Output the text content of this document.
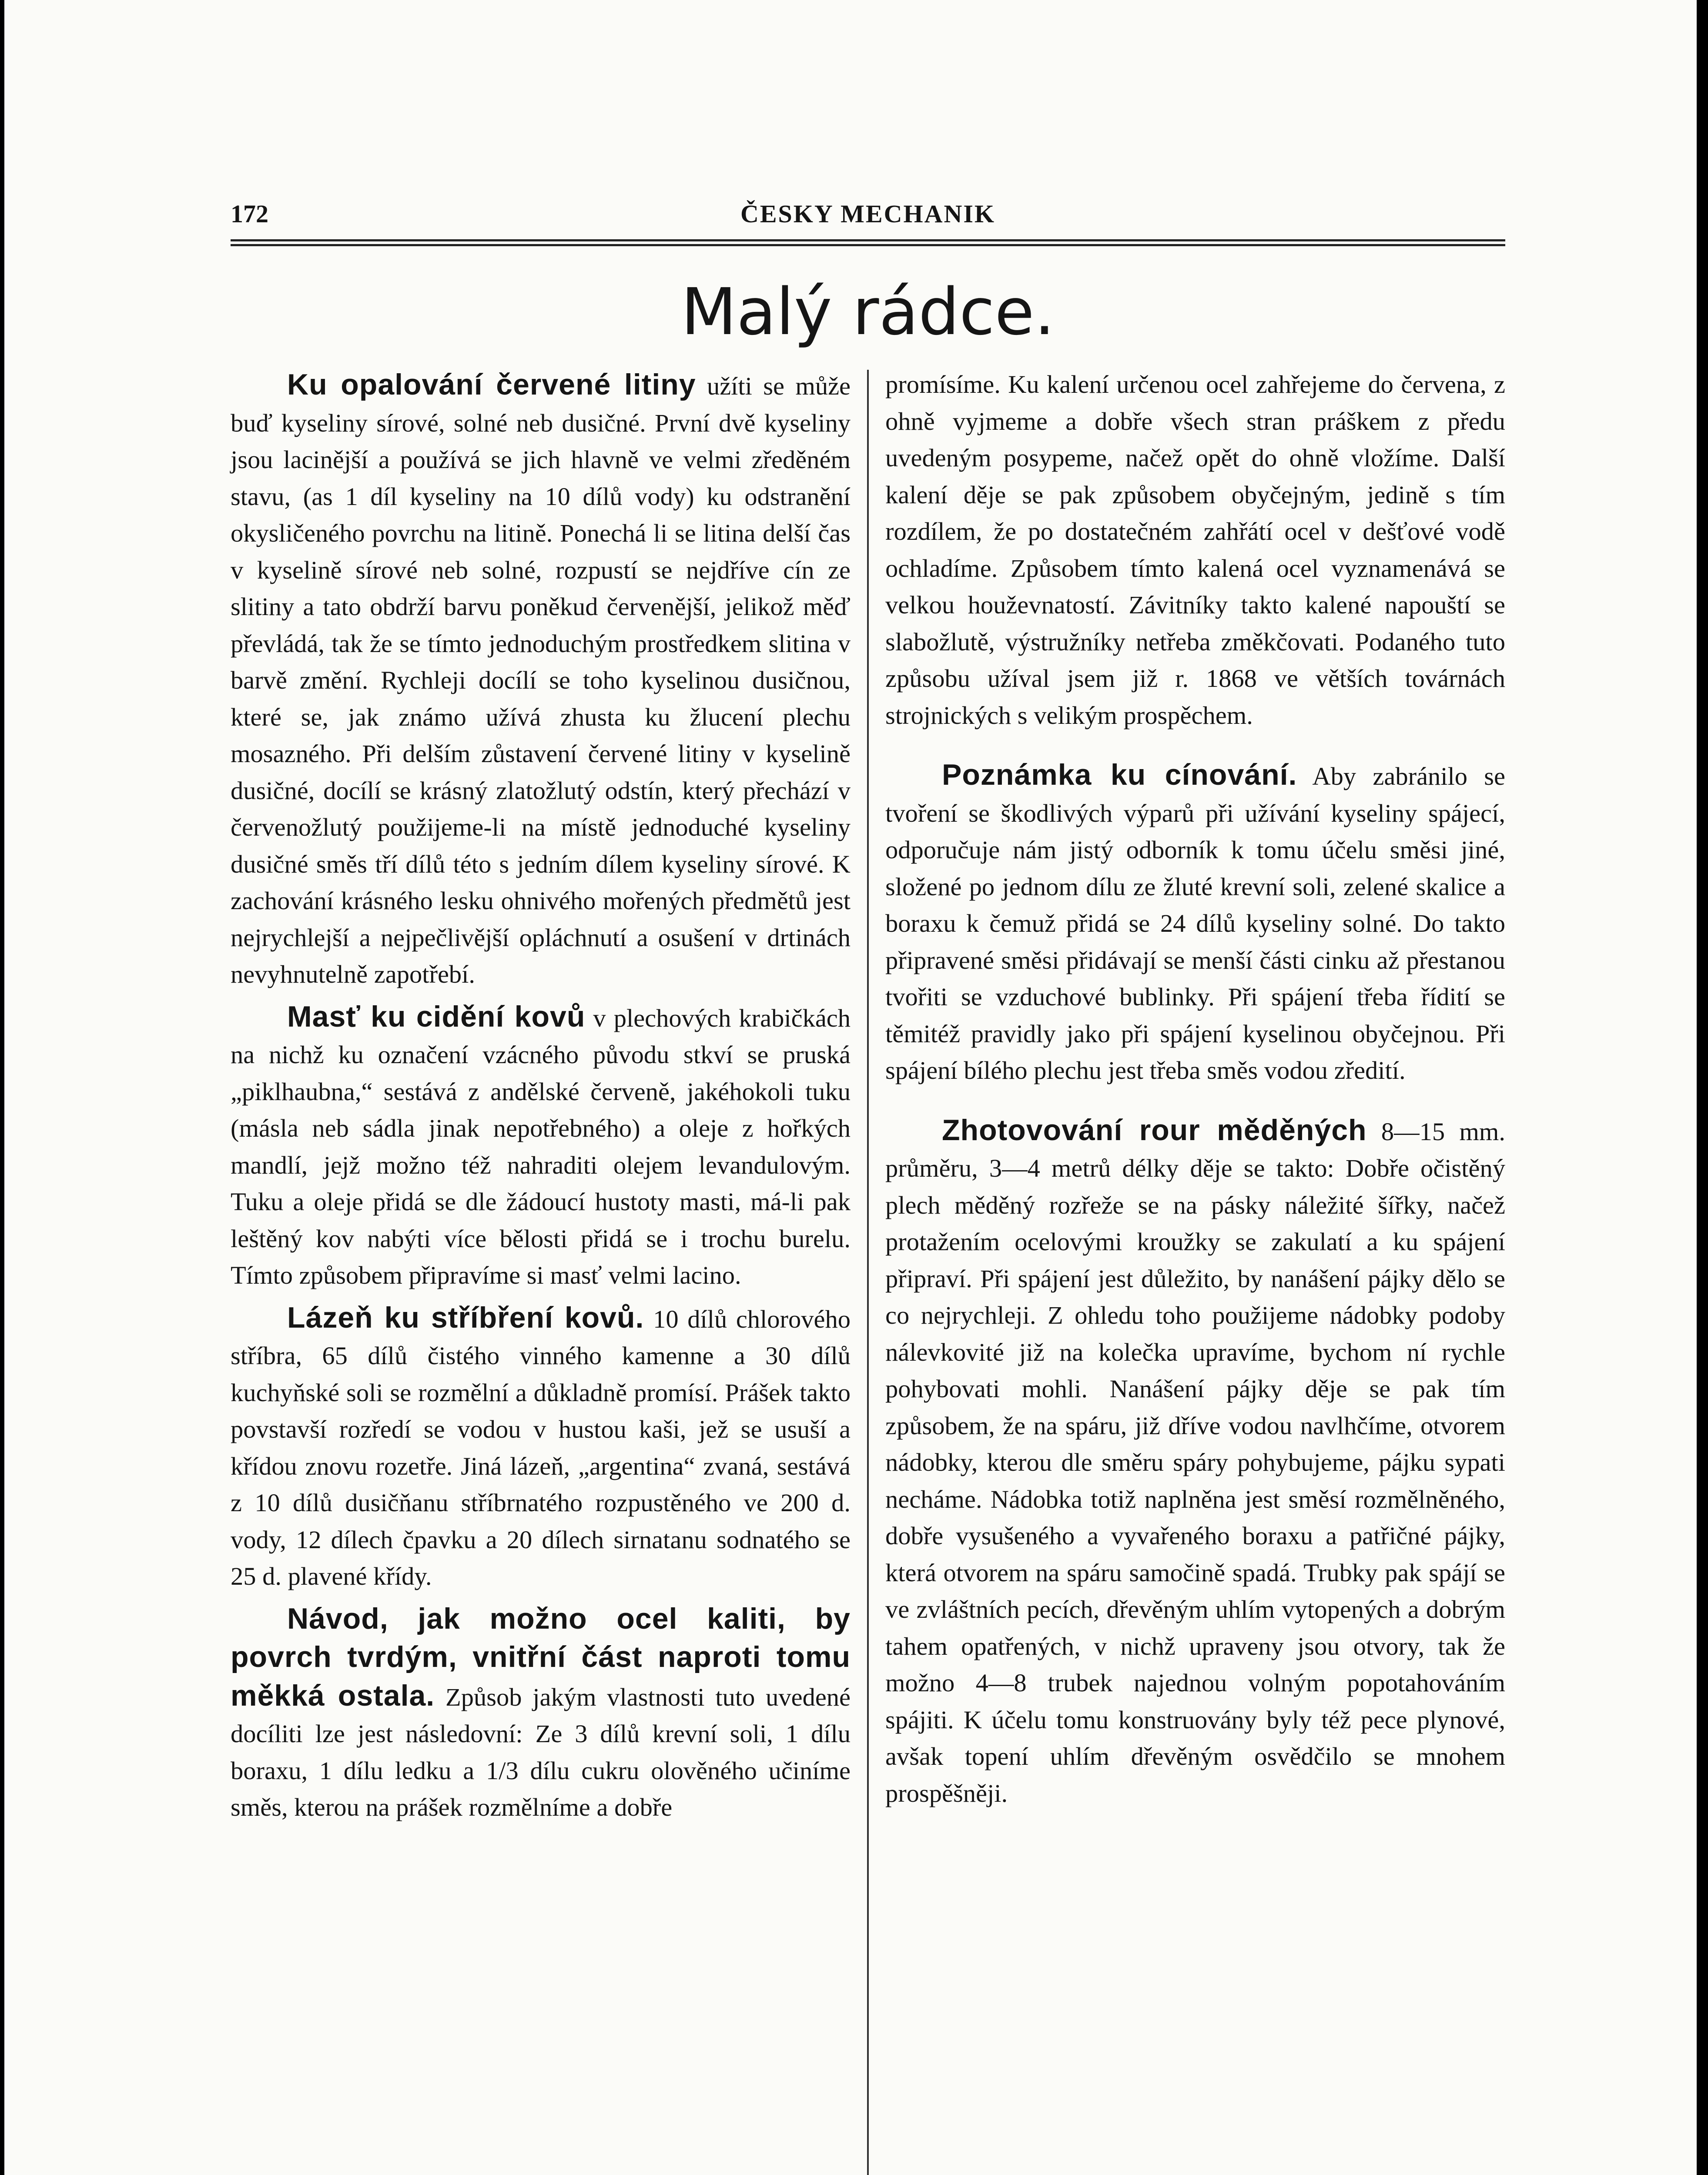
172	ČESKY MECHANIK
Malý rádce.

Ku opalování červené litiny užíti se může buď kyseliny sírové, solné neb dusičné. První dvě kyseliny jsou lacinější a používá se jich hlavně ve velmi zředěném stavu, (as 1 díl kyseliny na 10 dílů vody) ku odstranění okysličeného povrchu na litině. Ponechá li se litina delší čas v kyselině sírové neb solné, rozpustí se nejdříve cín ze slitiny a tato obdrží barvu poněkud červenější, jelikož měď převládá, tak že se tímto jednoduchým prostředkem slitina v barvě změní. Rychleji docílí se toho kyselinou dusičnou, které se, jak známo užívá zhusta ku žlucení plechu mosazného. Při delším zůstavení červené litiny v kyselině dusičné, docílí se krásný zlatožlutý odstín, který přechází v červenožlutý použijeme-li na místě jednoduché kyseliny dusičné směs tří dílů této s jedním dílem kyseliny sírové. K zachování krásného lesku ohnivého mořených předmětů jest nejrychlejší a nejpečlivější opláchnutí a osušení v drtinách nevyhnutelně zapotřebí.

Masť ku cidění kovů v plechových krabičkách na nichž ku označení vzácného původu stkví se pruská „piklhaubna,“ sestává z andělské červeně, jakéhokoli tuku (másla neb sádla jinak nepotřebného) a oleje z hořkých mandlí, jejž možno též nahraditi olejem levandulovým. Tuku a oleje přidá se dle žádoucí hustoty masti, má-li pak leštěný kov nabýti více bělosti přidá se i trochu burelu. Tímto způsobem připravíme si masť velmi lacino.

Lázeň ku stříbření kovů. 10 dílů chlorového stříbra, 65 dílů čistého vinného kamenne a 30 dílů kuchyňské soli se rozmělní a důkladně promísí. Prášek takto povstavší rozředí se vodou v hustou kaši, jež se usuší a křídou znovu rozetře. Jiná lázeň, „argentina“ zvaná, sestává z 10 dílů dusičňanu stříbrnatého rozpustěného ve 200 d. vody, 12 dílech čpavku a 20 dílech sirnatanu sodnatého se 25 d. plavené křídy.

Návod, jak možno ocel kaliti, by povrch tvrdým, vnitřní část naproti tomu měkká ostala. Způsob jakým vlastnosti tuto uvedené docíliti lze jest následovní: Ze 3 dílů krevní soli, 1 dílu boraxu, 1 dílu ledku a 1/3 dílu cukru olověného učiníme směs, kterou na prášek rozmělníme a dobře

promísíme. Ku kalení určenou ocel zahřejeme do červena, z ohně vyjmeme a dobře všech stran práškem z předu uvedeným posypeme, načež opět do ohně vložíme. Další kalení děje se pak způsobem obyčejným, jedině s tím rozdílem, že po dostatečném zahřátí ocel v dešťové vodě ochladíme. Způsobem tímto kalená ocel vyznamenává se velkou houževnatostí. Závitníky takto kalené napouští se slabožlutě, výstružníky netřeba změkčovati. Podaného tuto způsobu užíval jsem již r. 1868 ve větších továrnách strojnických s velikým prospěchem.

Poznámka ku cínování. Aby zabránilo se tvoření se škodlivých výparů při užívání kyseliny spájecí, odporučuje nám jistý odborník k tomu účelu směsi jiné, složené po jednom dílu ze žluté krevní soli, zelené skalice a boraxu k čemuž přidá se 24 dílů kyseliny solné. Do takto připravené směsi přidávají se menší části cinku až přestanou tvořiti se vzduchové bublinky. Při spájení třeba řídití se těmitéž pravidly jako při spájení kyselinou obyčejnou. Při spájení bílého plechu jest třeba směs vodou zředití.

Zhotovování rour měděných 8—15 mm. průměru, 3—4 metrů délky děje se takto: Dobře očistěný plech měděný rozřeže se na pásky náležité šířky, načež protažením ocelovými kroužky se zakulatí a ku spájení připraví. Při spájení jest důležito, by nanášení pájky dělo se co nejrychleji. Z ohledu toho použijeme nádobky podoby nálevkovité již na kolečka upravíme, bychom ní rychle pohybovati mohli. Nanášení pájky děje se pak tím způsobem, že na spáru, již dříve vodou navlhčíme, otvorem nádobky, kterou dle směru spáry pohybujeme, pájku sypati necháme. Nádobka totiž naplněna jest směsí rozmělněného, dobře vysušeného a vyvařeného boraxu a patřičné pájky, která otvorem na spáru samočině spadá. Trubky pak spájí se ve zvláštních pecích, dřevěným uhlím vytopených a dobrým tahem opatřených, v nichž upraveny jsou otvory, tak že možno 4—8 trubek najednou volným popotahováním spájiti. K účelu tomu konstruovány byly též pece plynové, avšak topení uhlím dřevěným osvědčilo se mnohem prospěšněji.
